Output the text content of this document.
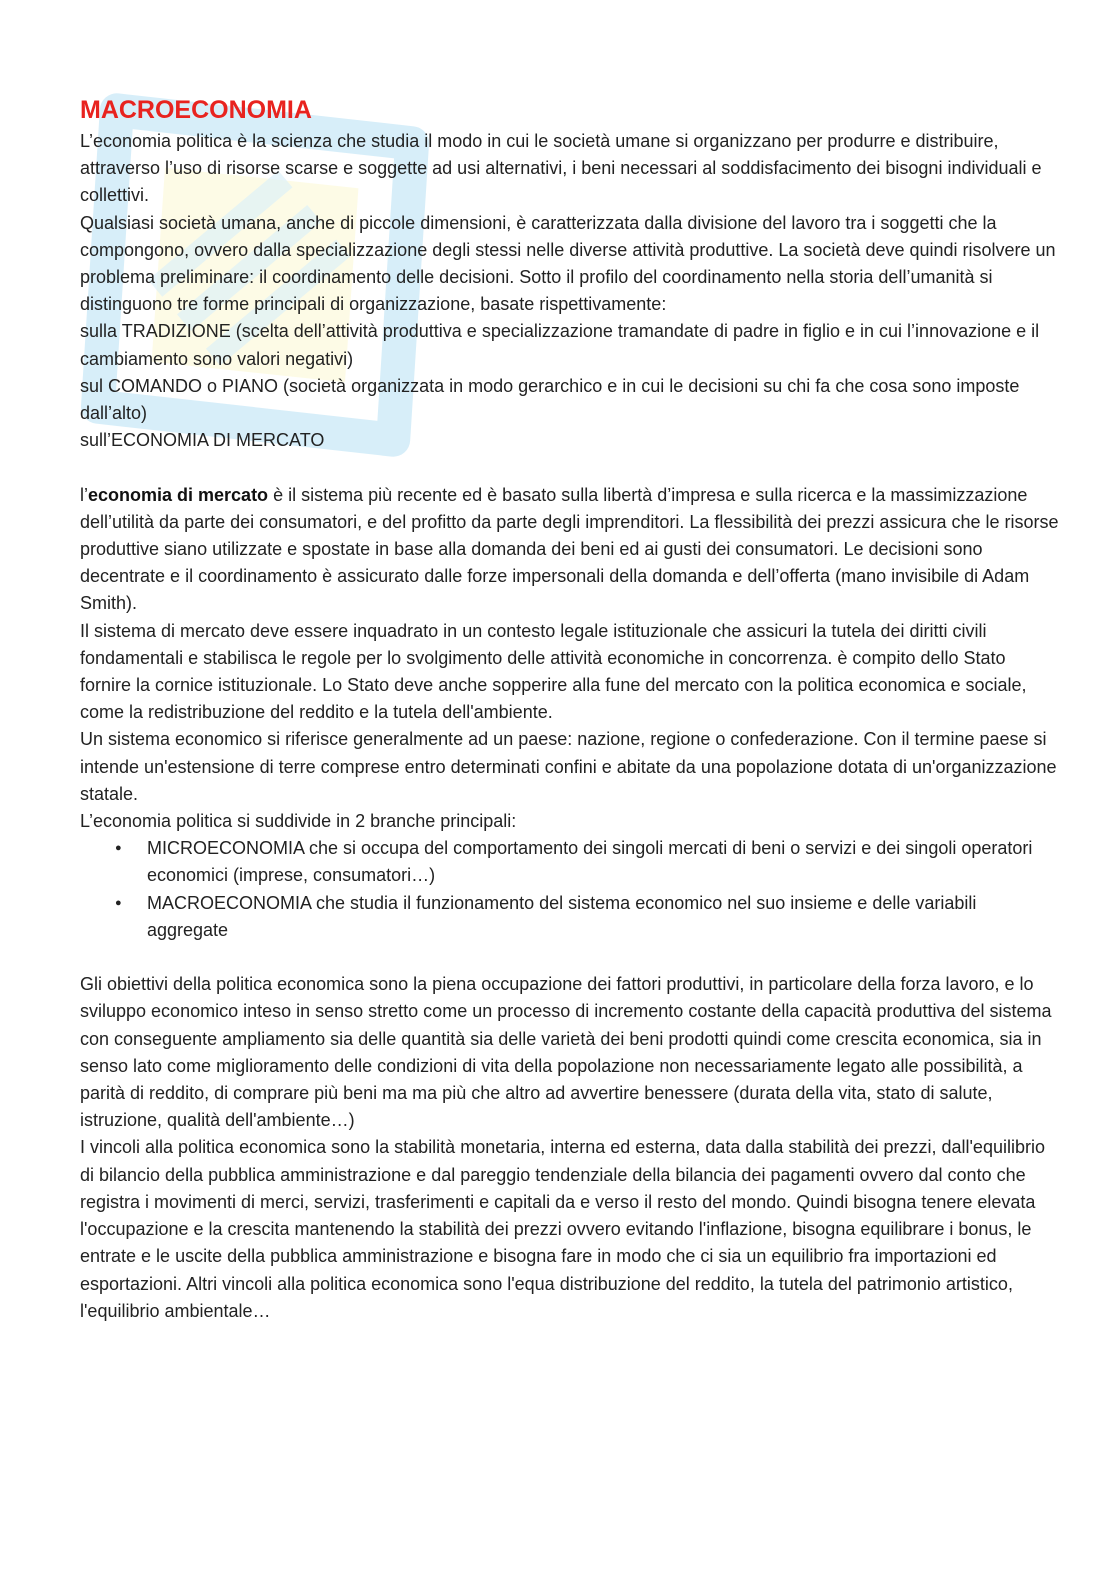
MACROECONOMIA

L’economia politica è la scienza che studia il modo in cui le società umane si organizzano per produrre e distribuire, attraverso l’uso di risorse scarse e soggette ad usi alternativi, i beni necessari al soddisfacimento dei bisogni individuali e collettivi.

Qualsiasi società umana, anche di piccole dimensioni, è caratterizzata dalla divisione del lavoro tra i soggetti che la compongono, ovvero dalla specializzazione degli stessi nelle diverse attività produttive. La società deve quindi risolvere un problema preliminare: il coordinamento delle decisioni. Sotto il profilo del coordinamento nella storia dell’umanità si distinguono tre forme principali di organizzazione, basate rispettivamente:

sulla TRADIZIONE (scelta dell’attività produttiva e specializzazione tramandate di padre in figlio e in cui l’innovazione e il cambiamento sono valori negativi)

sul COMANDO o PIANO (società organizzata in modo gerarchico e in cui le decisioni su chi fa che cosa sono imposte dall’alto)

sull’ECONOMIA DI MERCATO

l’economia di mercato è il sistema più recente ed è basato sulla libertà d’impresa e sulla ricerca e la massimizzazione dell’utilità da parte dei consumatori, e del profitto da parte degli imprenditori. La flessibilità dei prezzi assicura che le risorse produttive siano utilizzate e spostate in base alla domanda dei beni ed ai gusti dei consumatori. Le decisioni sono decentrate e il coordinamento è assicurato dalle forze impersonali della domanda e dell’offerta (mano invisibile di Adam Smith).

Il sistema di mercato deve essere inquadrato in un contesto legale istituzionale che assicuri la tutela dei diritti civili fondamentali e stabilisca le regole per lo svolgimento delle attività economiche in concorrenza. è compito dello Stato fornire la cornice istituzionale. Lo Stato deve anche sopperire alla fune del mercato con la politica economica e sociale, come la redistribuzione del reddito e la tutela dell'ambiente.

Un sistema economico si riferisce generalmente ad un paese: nazione, regione o confederazione. Con il termine paese si intende un'estensione di terre comprese entro determinati confini e abitate da una popolazione dotata di un'organizzazione statale.

L’economia politica si suddivide in 2 branche principali:

● MICROECONOMIA che si occupa del comportamento dei singoli mercati di beni o servizi e dei singoli operatori economici (imprese, consumatori…)
● MACROECONOMIA che studia il funzionamento del sistema economico nel suo insieme e delle variabili aggregate

Gli obiettivi della politica economica sono la piena occupazione dei fattori produttivi, in particolare della forza lavoro, e lo sviluppo economico inteso in senso stretto come un processo di incremento costante della capacità produttiva del sistema con conseguente ampliamento sia delle quantità sia delle varietà dei beni prodotti quindi come crescita economica, sia in senso lato come miglioramento delle condizioni di vita della popolazione non necessariamente legato alle possibilità, a parità di reddito, di comprare più beni ma ma più che altro ad avvertire benessere (durata della vita, stato di salute, istruzione, qualità dell'ambiente…)

I vincoli alla politica economica sono la stabilità monetaria, interna ed esterna, data dalla stabilità dei prezzi, dall'equilibrio di bilancio della pubblica amministrazione e dal pareggio tendenziale della bilancia dei pagamenti ovvero dal conto che registra i movimenti di merci, servizi, trasferimenti e capitali da e verso il resto del mondo. Quindi bisogna tenere elevata l'occupazione e la crescita mantenendo la stabilità dei prezzi ovvero evitando l'inflazione, bisogna equilibrare i bonus, le entrate e le uscite della pubblica amministrazione e bisogna fare in modo che ci sia un equilibrio fra importazioni ed esportazioni. Altri vincoli alla politica economica sono l'equa distribuzione del reddito, la tutela del patrimonio artistico, l'equilibrio ambientale…
